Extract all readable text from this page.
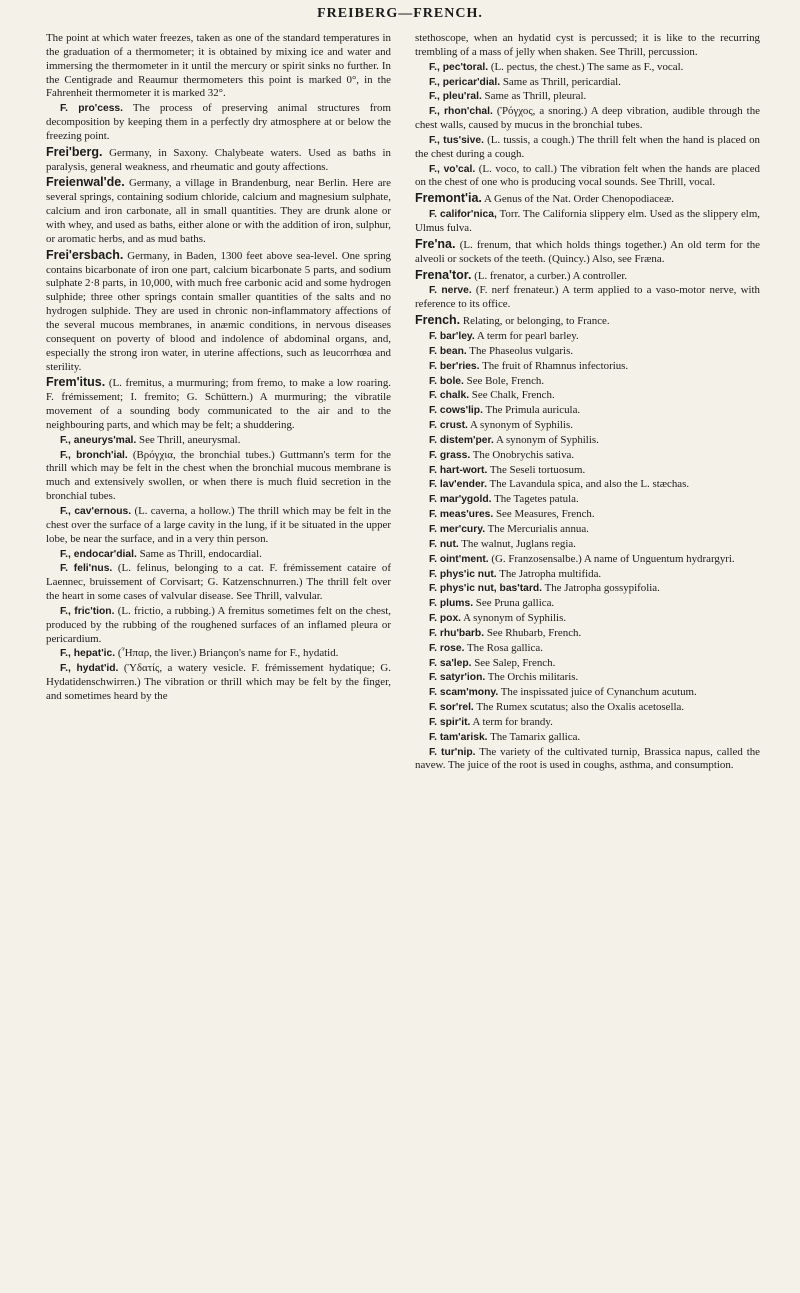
FREIBERG—FRENCH.

The point at which water freezes, taken as one of the standard temperatures in the graduation of a thermometer; it is obtained by mixing ice and water and immersing the thermometer in it until the mercury or spirit sinks no further. In the Centigrade and Reaumur thermometers this point is marked 0°, in the Fahrenheit thermometer it is marked 32°.

F. pro'cess. The process of preserving animal structures from decomposition by keeping them in a perfectly dry atmosphere at or below the freezing point.

Frei'berg. Germany, in Saxony. Chalybeate waters. Used as baths in paralysis, general weakness, and rheumatic and gouty affections.

Freienwal'de. Germany, a village in Brandenburg, near Berlin. Here are several springs, containing sodium chloride, calcium and magnesium sulphate, calcium and iron carbonate, all in small quantities. They are drunk alone or with whey, and used as baths, either alone or with the addition of iron, sulphur, or aromatic herbs, and as mud baths.

Frei'ersbach. Germany, in Baden, 1300 feet above sea-level. One spring contains bicarbonate of iron one part, calcium bicarbonate 5 parts, and sodium sulphate 2·8 parts, in 10,000, with much free carbonic acid and some hydrogen sulphide; three other springs contain smaller quantities of the salts and no hydrogen sulphide. They are used in chronic non-inflammatory affections of the several mucous membranes, in anæmic conditions, in nervous diseases consequent on poverty of blood and indolence of abdominal organs, and, especially the strong iron water, in uterine affections, such as leucorrhœa and sterility.

Frem'itus. (L. fremitus, a murmuring; from fremo, to make a low roaring. F. frémissement; I. fremito; G. Schüttern.) A murmuring; the vibratile movement of a sounding body communicated to the air and to the neighbouring parts, and which may be felt; a shuddering.

F., aneurys'mal. See Thrill, aneurysmal.

F., bronch'ial. (Βρόγχια, the bronchial tubes.) Guttmann's term for the thrill which may be felt in the chest when the bronchial mucous membrane is much and extensively swollen, or when there is much fluid secretion in the bronchial tubes.

F., cav'ernous. (L. caverna, a hollow.) The thrill which may be felt in the chest over the surface of a large cavity in the lung, if it be situated in the upper lobe, be near the surface, and in a very thin person.

F., endocar'dial. Same as Thrill, endocardial.

F. feli'nus. (L. felinus, belonging to a cat. F. frémissement cataire of Laennec, bruissement of Corvisart; G. Katzenschnurren.) The thrill felt over the heart in some cases of valvular disease. See Thrill, valvular.

F., fric'tion. (L. frictio, a rubbing.) A fremitus sometimes felt on the chest, produced by the rubbing of the roughened surfaces of an inflamed pleura or pericardium.

F., hepat'ic. (Ἧπαρ, the liver.) Briançon's name for F., hydatid.

F., hydat'id. (Ὑδατίς, a watery vesicle. F. frémissement hydatique; G. Hydatidenschwirren.) The vibration or thrill which may be felt by the finger, and sometimes heard by the

stethoscope, when an hydatid cyst is percussed; it is like to the recurring trembling of a mass of jelly when shaken. See Thrill, percussion.

F., pec'toral. (L. pectus, the chest.) The same as F., vocal.

F., pericar'dial. Same as Thrill, pericardial.

F., pleu'ral. Same as Thrill, pleural.

F., rhon'chal. (Ῥόγχος, a snoring.) A deep vibration, audible through the chest walls, caused by mucus in the bronchial tubes.

F., tus'sive. (L. tussis, a cough.) The thrill felt when the hand is placed on the chest during a cough.

F., vo'cal. (L. voco, to call.) The vibration felt when the hands are placed on the chest of one who is producing vocal sounds. See Thrill, vocal.

Fremont'ia. A Genus of the Nat. Order Chenopodiaceæ.

F. califor'nica, Torr. The California slippery elm. Used as the slippery elm, Ulmus fulva.

Fre'na. (L. frenum, that which holds things together.) An old term for the alveoli or sockets of the teeth. (Quincy.) Also, see Fræna.

Frena'tor. (L. frenator, a curber.) A controller.

F. nerve. (F. nerf frenateur.) A term applied to a vaso-motor nerve, with reference to its office.

French. Relating, or belonging, to France.

F. bar'ley. A term for pearl barley.

F. bean. The Phaseolus vulgaris.

F. ber'ries. The fruit of Rhamnus infectorius.

F. bole. See Bole, French.

F. chalk. See Chalk, French.

F. cows'lip. The Primula auricula.

F. crust. A synonym of Syphilis.

F. distem'per. A synonym of Syphilis.

F. grass. The Onobrychis sativa.

F. hart-wort. The Seseli tortuosum.

F. lav'ender. The Lavandula spica, and also the L. stæchas.

F. mar'ygold. The Tagetes patula.

F. meas'ures. See Measures, French.

F. mer'cury. The Mercurialis annua.

F. nut. The walnut, Juglans regia.

F. oint'ment. (G. Franzosensalbe.) A name of Unguentum hydrargyri.

F. phys'ic nut. The Jatropha multifida.

F. phys'ic nut, bas'tard. The Jatropha gossypifolia.

F. plums. See Pruna gallica.

F. pox. A synonym of Syphilis.

F. rhu'barb. See Rhubarb, French.

F. rose. The Rosa gallica.

F. sa'lep. See Salep, French.

F. satyr'ion. The Orchis militaris.

F. scam'mony. The inspissated juice of Cynanchum acutum.

F. sor'rel. The Rumex scutatus; also the Oxalis acetosella.

F. spir'it. A term for brandy.

F. tam'arisk. The Tamarix gallica.

F. tur'nip. The variety of the cultivated turnip, Brassica napus, called the navew. The juice of the root is used in coughs, asthma, and consumption.
